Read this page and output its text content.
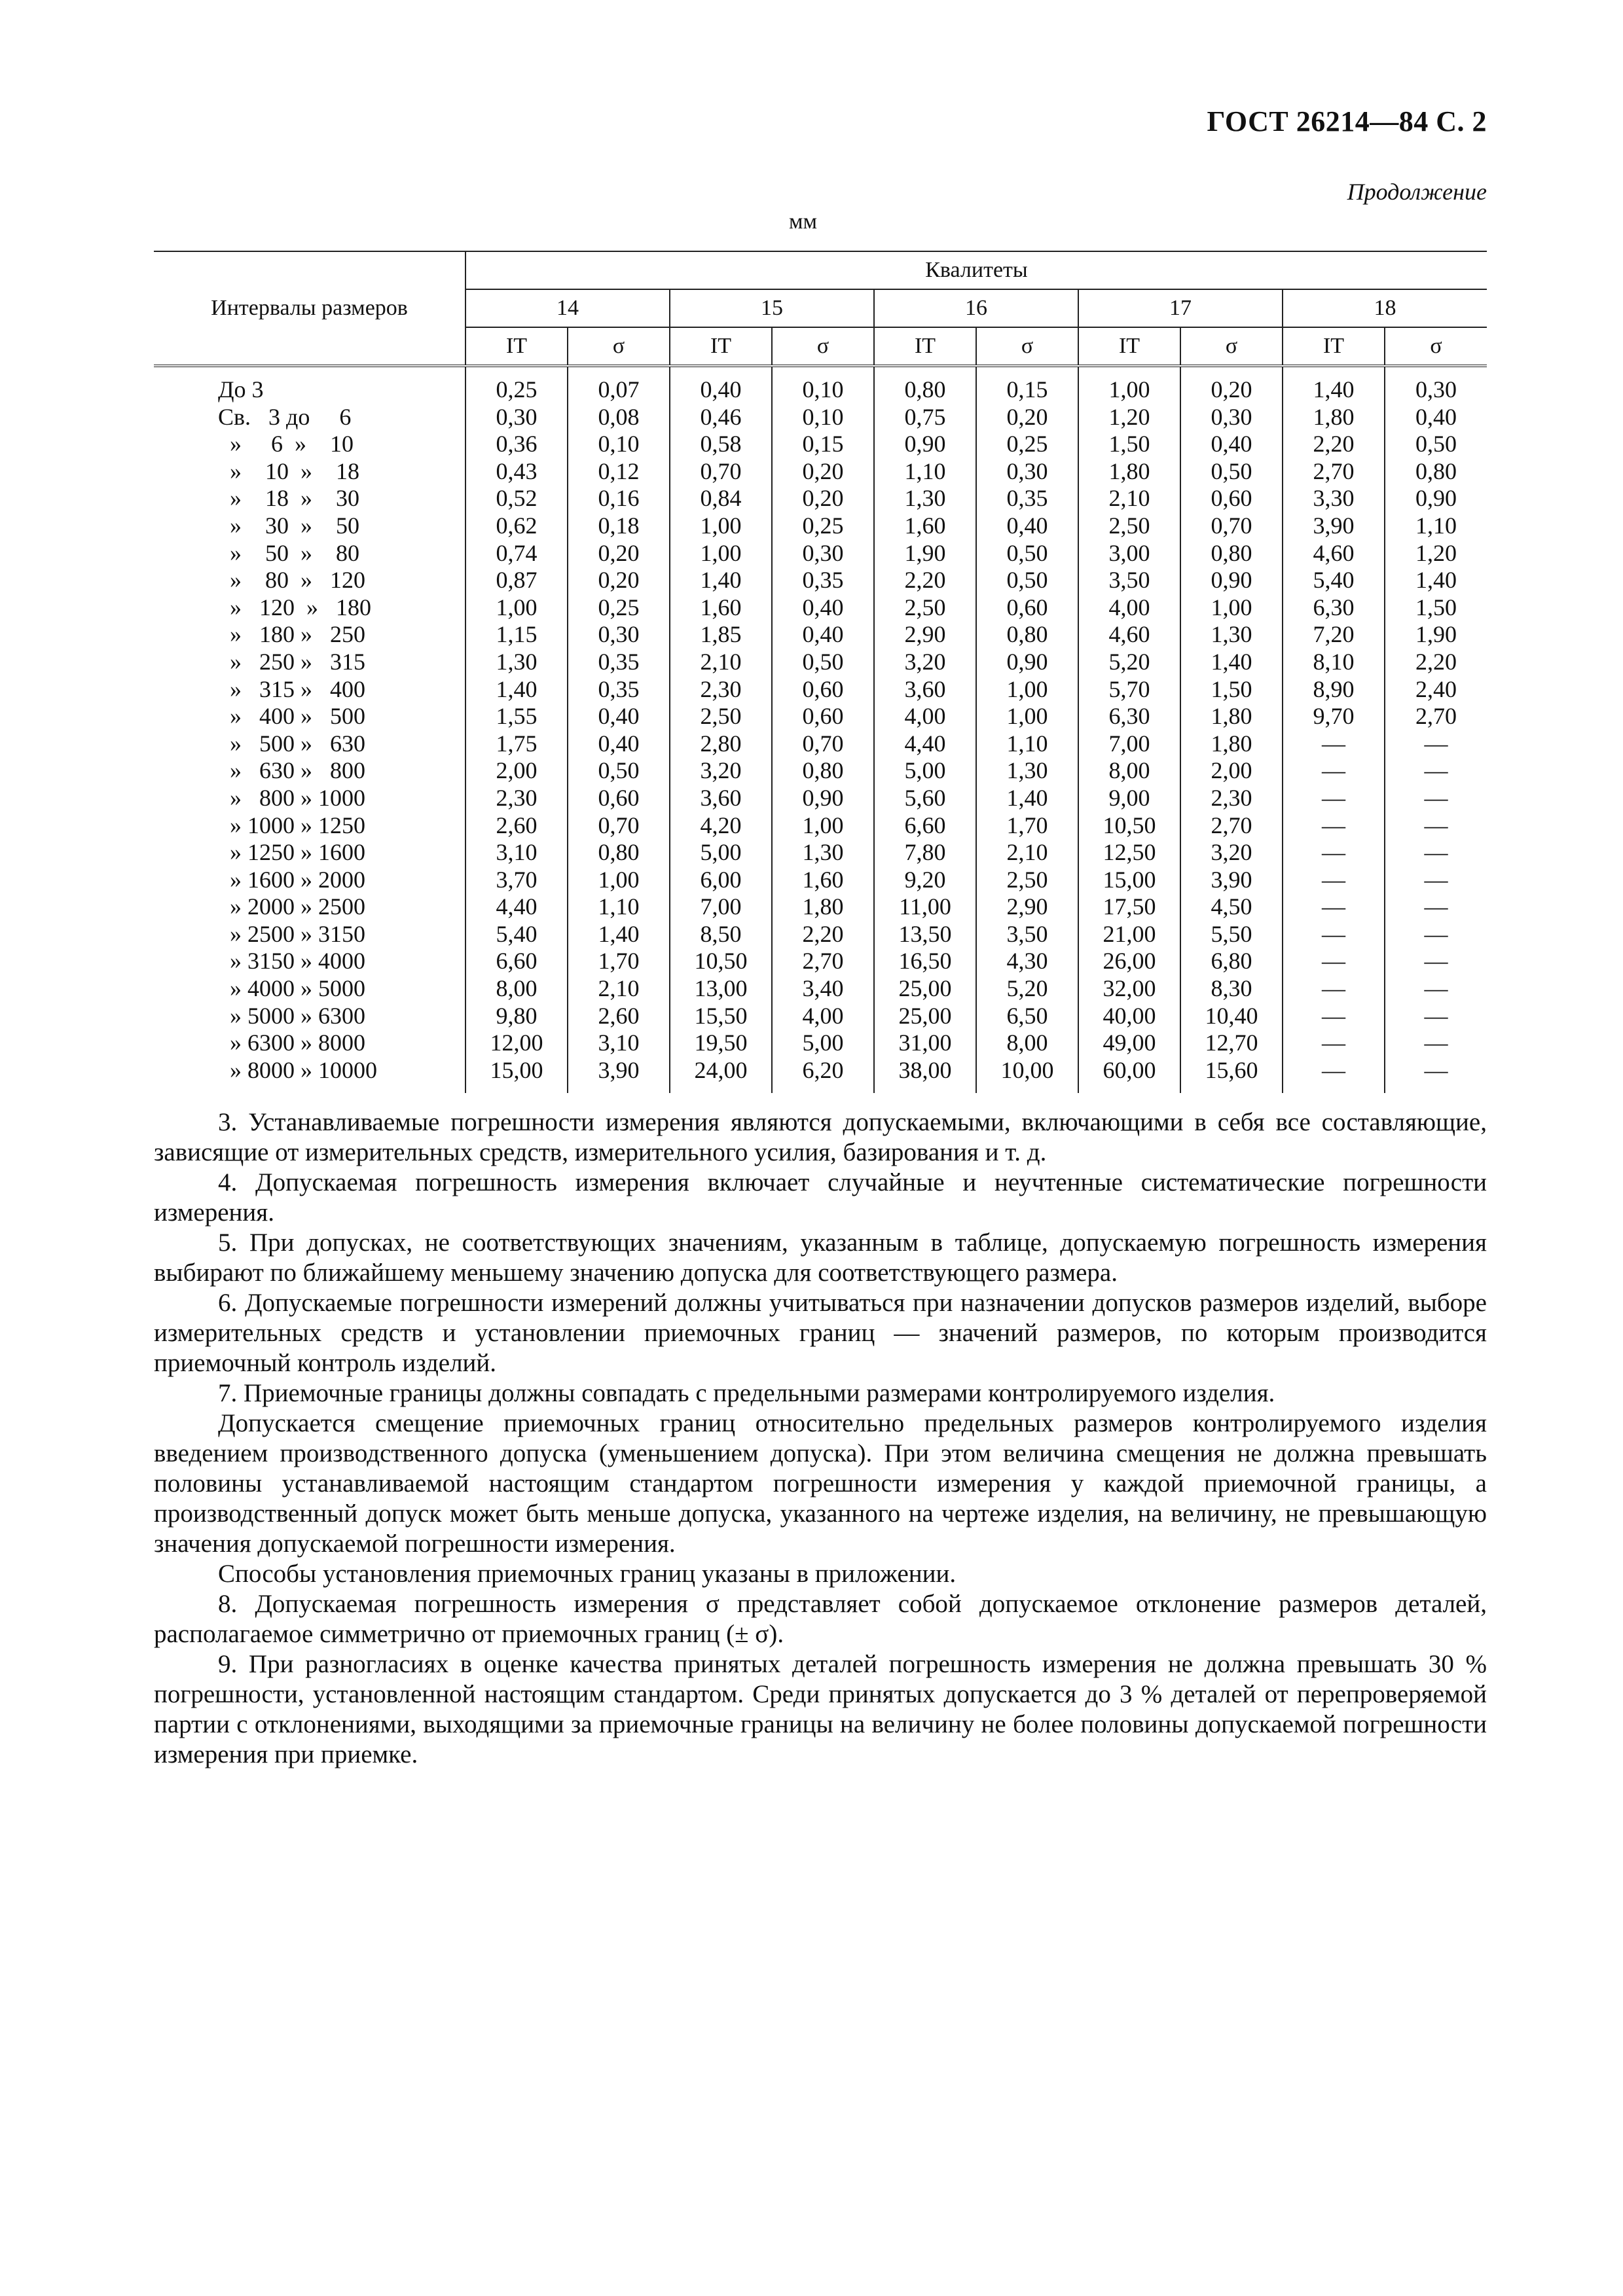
ГОСТ 26214—84 С. 2
Продолжение
мм
Интервалы размеров	Квалитеты									
	14		15		16		17		18	
	IT	σ	IT	σ	IT	σ	IT	σ	IT	σ
До 3	0,25	0,07	0,40	0,10	0,80	0,15	1,00	0,20	1,40	0,30
Св.   3 до     6	0,30	0,08	0,46	0,10	0,75	0,20	1,20	0,30	1,80	0,40
»     6  »    10	0,36	0,10	0,58	0,15	0,90	0,25	1,50	0,40	2,20	0,50
»    10  »    18	0,43	0,12	0,70	0,20	1,10	0,30	1,80	0,50	2,70	0,80
»    18  »    30	0,52	0,16	0,84	0,20	1,30	0,35	2,10	0,60	3,30	0,90
»    30  »    50	0,62	0,18	1,00	0,25	1,60	0,40	2,50	0,70	3,90	1,10
»    50  »    80	0,74	0,20	1,00	0,30	1,90	0,50	3,00	0,80	4,60	1,20
»    80  »   120	0,87	0,20	1,40	0,35	2,20	0,50	3,50	0,90	5,40	1,40
»   120  »   180	1,00	0,25	1,60	0,40	2,50	0,60	4,00	1,00	6,30	1,50
»   180 »   250	1,15	0,30	1,85	0,40	2,90	0,80	4,60	1,30	7,20	1,90
»   250 »   315	1,30	0,35	2,10	0,50	3,20	0,90	5,20	1,40	8,10	2,20
»   315 »   400	1,40	0,35	2,30	0,60	3,60	1,00	5,70	1,50	8,90	2,40
»   400 »   500	1,55	0,40	2,50	0,60	4,00	1,00	6,30	1,80	9,70	2,70
»   500 »   630	1,75	0,40	2,80	0,70	4,40	1,10	7,00	1,80	—	—
»   630 »   800	2,00	0,50	3,20	0,80	5,00	1,30	8,00	2,00	—	—
»   800 » 1000	2,30	0,60	3,60	0,90	5,60	1,40	9,00	2,30	—	—
» 1000 » 1250	2,60	0,70	4,20	1,00	6,60	1,70	10,50	2,70	—	—
» 1250 » 1600	3,10	0,80	5,00	1,30	7,80	2,10	12,50	3,20	—	—
» 1600 » 2000	3,70	1,00	6,00	1,60	9,20	2,50	15,00	3,90	—	—
» 2000 » 2500	4,40	1,10	7,00	1,80	11,00	2,90	17,50	4,50	—	—
» 2500 » 3150	5,40	1,40	8,50	2,20	13,50	3,50	21,00	5,50	—	—
» 3150 » 4000	6,60	1,70	10,50	2,70	16,50	4,30	26,00	6,80	—	—
» 4000 » 5000	8,00	2,10	13,00	3,40	25,00	5,20	32,00	8,30	—	—
» 5000 » 6300	9,80	2,60	15,50	4,00	25,00	6,50	40,00	10,40	—	—
» 6300 » 8000	12,00	3,10	19,50	5,00	31,00	8,00	49,00	12,70	—	—
» 8000 » 10000	15,00	3,90	24,00	6,20	38,00	10,00	60,00	15,60	—	—

3. Устанавливаемые погрешности измерения являются допускаемыми, включающими в себя все составляющие, зависящие от измерительных средств, измерительного усилия, базирования и т. д.

4. Допускаемая погрешность измерения включает случайные и неучтенные систематические погрешности измерения.

5. При допусках, не соответствующих значениям, указанным в таблице, допускаемую погрешность измерения выбирают по ближайшему меньшему значению допуска для соответствующего размера.

6. Допускаемые погрешности измерений должны учитываться при назначении допусков размеров изделий, выборе измерительных средств и установлении приемочных границ — значений размеров, по которым производится приемочный контроль изделий.

7. Приемочные границы должны совпадать с предельными размерами контролируемого изделия.

Допускается смещение приемочных границ относительно предельных размеров контролируемого изделия введением производственного допуска (уменьшением допуска). При этом величина смещения не должна превышать половины устанавливаемой настоящим стандартом погрешности измерения у каждой приемочной границы, а производственный допуск может быть меньше допуска, указанного на чертеже изделия, на величину, не превышающую значения допускаемой погрешности измерения.

Способы установления приемочных границ указаны в приложении.

8. Допускаемая погрешность измерения σ представляет собой допускаемое отклонение размеров деталей, располагаемое симметрично от приемочных границ (± σ).

9. При разногласиях в оценке качества принятых деталей погрешность измерения не должна превышать 30 % погрешности, установленной настоящим стандартом. Среди принятых допускается до 3 % деталей от перепроверяемой партии с отклонениями, выходящими за приемочные границы на величину не более половины допускаемой погрешности измерения при приемке.
